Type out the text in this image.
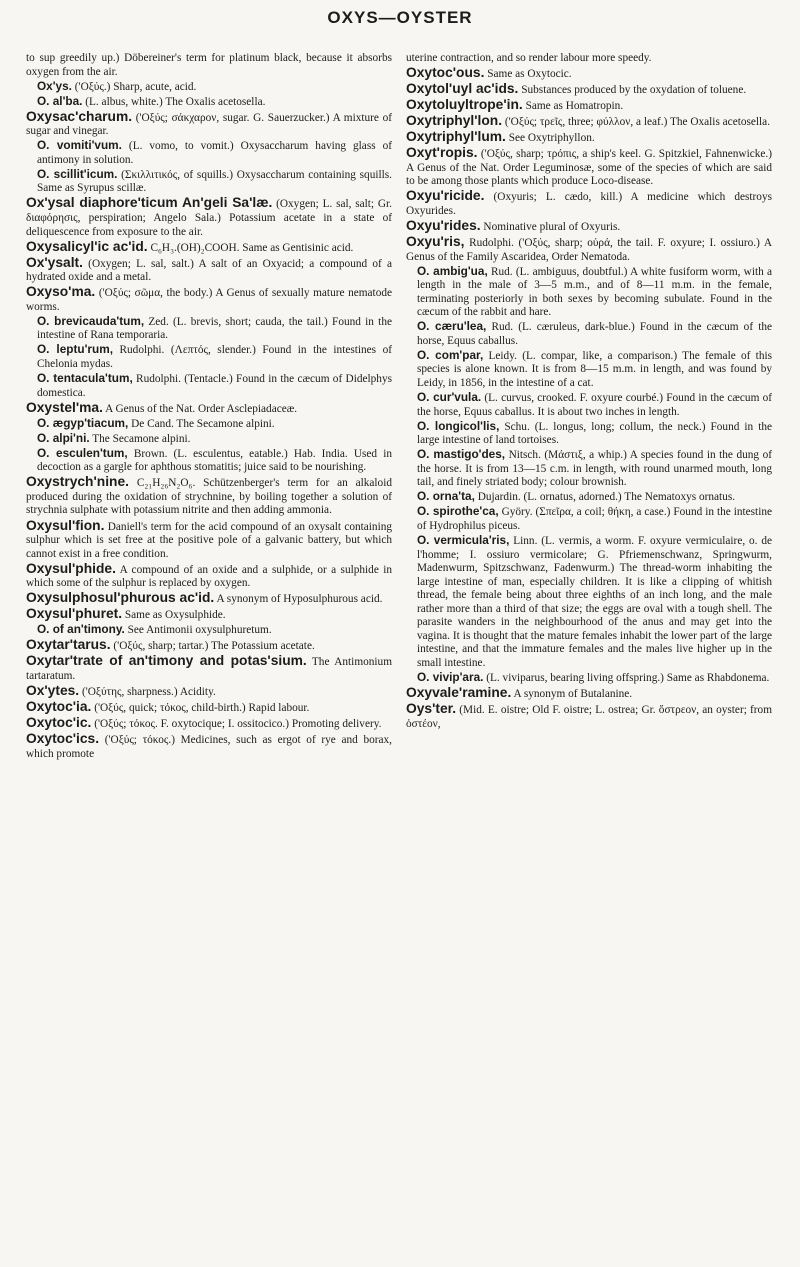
OXYS—OYSTER
to sup greedily up.) Döbereiner's term for platinum black, because it absorbs oxygen from the air.
Ox'ys. ('Οξύς.) Sharp, acute, acid.
O. al'ba. (L. albus, white.) The Oxalis acetosella.
Oxysac'charum. ('Οξύς; σάκχαρον, sugar. G. Sauerzucker.) A mixture of sugar and vinegar.
O. vomiti'vum. (L. vomo, to vomit.) Oxysaccharum having glass of antimony in solution.
O. scillit'icum. (Σκιλλιτικός, of squills.) Oxysaccharum containing squills. Same as Syrupus scillæ.
Ox'ysal diaphore'ticum An'geli Sa'læ. (Oxygen; L. sal, salt; Gr. διαφόρησις, perspiration; Angelo Sala.) Potassium acetate in a state of deliquescence from exposure to the air.
Oxysalicyl'ic ac'id. C₆H₃.(OH)₂COOH. Same as Gentisinic acid.
Ox'ysalt. (Oxygen; L. sal, salt.) A salt of an Oxyacid; a compound of a hydrated oxide and a metal.
Oxyso'ma. ('Οξύς; σῶμα, the body.) A Genus of sexually mature nematode worms.
O. brevicauda'tum, Zed. (L. brevis, short; cauda, the tail.) Found in the intestine of Rana temporaria.
O. leptu'rum, Rudolphi. (Λεπτός, slender.) Found in the intestines of Chelonia mydas.
O. tentacula'tum, Rudolphi. (Tentacle.) Found in the cæcum of Didelphys domestica.
Oxystel'ma. A Genus of the Nat. Order Asclepiadaceæ.
O. ægyp'tiacum, De Cand. The Secamone alpini.
O. alpi'ni. The Secamone alpini.
O. esculen'tum, Brown. (L. esculentus, eatable.) Hab. India. Used in decoction as a gargle for aphthous stomatitis; juice said to be nourishing.
Oxystrych'nine. C₂₁H₂₆N₂O₆. Schützenberger's term for an alkaloid produced during the oxidation of strychnine, by boiling together a solution of strychnia sulphate with potassium nitrite and then adding ammonia.
Oxysul'fion. Daniell's term for the acid compound of an oxysalt containing sulphur which is set free at the positive pole of a galvanic battery, but which cannot exist in a free condition.
Oxysul'phide. A compound of an oxide and a sulphide, or a sulphide in which some of the sulphur is replaced by oxygen.
Oxysulphosul'phurous ac'id. A synonym of Hyposulphurous acid.
Oxysul'phuret. Same as Oxysulphide.
O. of an'timony. See Antimonii oxysulphuretum.
Oxytar'tarus. ('Οξύς, sharp; tartar.) The Potassium acetate.
Oxytar'trate of an'timony and potas'sium. The Antimonium tartaratum.
Ox'ytes. ('Οξύτης, sharpness.) Acidity.
Oxytoc'ia. ('Οξύς, quick; τόκος, child-birth.) Rapid labour.
Oxytoc'ic. ('Οξύς; τόκος. F. oxytocique; I. ossitocico.) Promoting delivery.
Oxytoc'ics. ('Οξύς; τόκος.) Medicines, such as ergot of rye and borax, which promote
uterine contraction, and so render labour more speedy.
Oxytoc'ous. Same as Oxytocic.
Oxytol'uyl ac'ids. Substances produced by the oxydation of toluene.
Oxytoluyltrope'in. Same as Homatropin.
Oxytriphyl'lon. ('Οξύς; τρεῖς, three; φύλλον, a leaf.) The Oxalis acetosella.
Oxytriphyl'lum. See Oxytriphyllon.
Oxyt'ropis. ('Οξύς, sharp; τρόπις, a ship's keel. G. Spitzkiel, Fahnenwicke.) A Genus of the Nat. Order Leguminosæ, some of the species of which are said to be among those plants which produce Loco-disease.
Oxyu'ricide. (Oxyuris; L. cædo, kill.) A medicine which destroys Oxyurides.
Oxyu'rides. Nominative plural of Oxyuris.
Oxyu'ris, Rudolphi. ('Οξύς, sharp; οὐρά, the tail. F. oxyure; I. ossiuro.) A Genus of the Family Ascaridea, Order Nematoda.
O. ambig'ua, Rud. (L. ambiguus, doubtful.) A white fusiform worm, with a length in the male of 3—5 m.m., and of 8—11 m.m. in the female, terminating posteriorly in both sexes by becoming subulate. Found in the cæcum of the rabbit and hare.
O. cæru'lea, Rud. (L. cæruleus, dark-blue.) Found in the cæcum of the horse, Equus caballus.
O. com'par, Leidy. (L. compar, like, a comparison.) The female of this species is alone known. It is from 8—15 m.m. in length, and was found by Leidy, in 1856, in the intestine of a cat.
O. cur'vula. (L. curvus, crooked. F. oxyure courbé.) Found in the cæcum of the horse, Equus caballus. It is about two inches in length.
O. longicol'lis, Schu. (L. longus, long; collum, the neck.) Found in the large intestine of land tortoises.
O. mastigo'des, Nitsch. (Μάστιξ, a whip.) A species found in the dung of the horse. It is from 13—15 c.m. in length, with round unarmed mouth, long tail, and finely striated body; colour brownish.
O. orna'ta, Dujardin. (L. ornatus, adorned.) The Nematoxys ornatus.
O. spirothe'ca, Györy. (Σπεῖρα, a coil; θήκη, a case.) Found in the intestine of Hydrophilus piceus.
O. vermicula'ris, Linn. (L. vermis, a worm. F. oxyure vermiculaire, o. de l'homme; I. ossiuro vermicolare; G. Pfriemenschwanz, Springwurm, Madenwurm, Spitzschwanz, Fadenwurm.) The thread-worm inhabiting the large intestine of man, especially children. It is like a clipping of whitish thread, the female being about three eighths of an inch long, and the male rather more than a third of that size; the eggs are oval with a tough shell. The parasite wanders in the neighbourhood of the anus and may get into the vagina. It is thought that the mature females inhabit the lower part of the large intestine, and that the immature females and the males live higher up in the small intestine.
O. vivip'ara. (L. viviparus, bearing living offspring.) Same as Rhabdonema.
Oxyvale'ramine. A synonym of Butalanine.
Oys'ter. (Mid. E. oistre; Old F. oistre; L. ostrea; Gr. ὄστρεον, an oyster; from ὀστέον,
